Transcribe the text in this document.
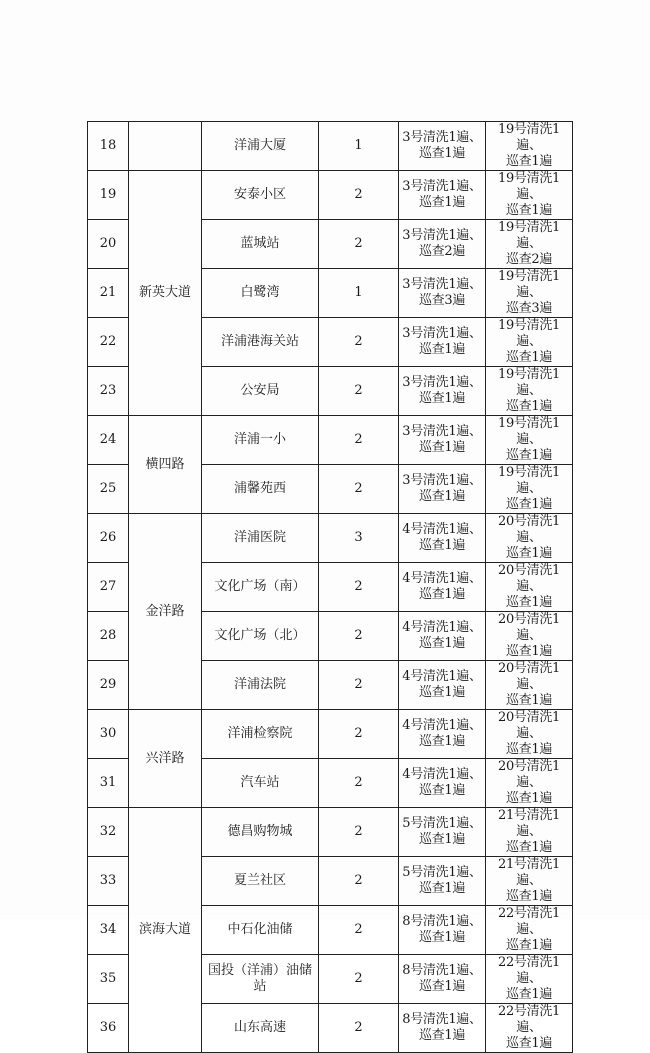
18		洋浦大厦	1	3号清洗1遍、
巡查1遍	19号清洗1遍、
巡查1遍

19	新英大道	安泰小区	2	3号清洗1遍、
巡查1遍	19号清洗1遍、
巡查1遍

20		蓝城站	2	3号清洗1遍、
巡查2遍	19号清洗1遍、
巡查2遍

21		白鹭湾	1	3号清洗1遍、
巡查3遍	19号清洗1遍、
巡查3遍

22		洋浦港海关站	2	3号清洗1遍、
巡查1遍	19号清洗1遍、
巡查1遍

23		公安局	2	3号清洗1遍、
巡查1遍	19号清洗1遍、
巡查1遍

24	横四路	洋浦一小	2	3号清洗1遍、
巡查1遍	19号清洗1遍、
巡查1遍

25		浦馨苑西	2	3号清洗1遍、
巡查1遍	19号清洗1遍、
巡查1遍

26	金洋路	洋浦医院	3	4号清洗1遍、
巡查1遍	20号清洗1遍、
巡查1遍

27		文化广场（南）	2	4号清洗1遍、
巡查1遍	20号清洗1遍、
巡查1遍

28		文化广场（北）	2	4号清洗1遍、
巡查1遍	20号清洗1遍、
巡查1遍

29		洋浦法院	2	4号清洗1遍、
巡查1遍	20号清洗1遍、
巡查1遍

30	兴洋路	洋浦检察院	2	4号清洗1遍、
巡查1遍	20号清洗1遍、
巡查1遍

31		汽车站	2	4号清洗1遍、
巡查1遍	20号清洗1遍、
巡查1遍

32	滨海大道	德昌购物城	2	5号清洗1遍、
巡查1遍	21号清洗1遍、
巡查1遍

33		夏兰社区	2	5号清洗1遍、
巡查1遍	21号清洗1遍、
巡查1遍

34		中石化油储	2	8号清洗1遍、
巡查1遍	22号清洗1遍、
巡查1遍

35		国投（洋浦）油储站	2	8号清洗1遍、
巡查1遍	22号清洗1遍、
巡查1遍

36		山东高速	2	8号清洗1遍、
巡查1遍	22号清洗1遍、
巡查1遍
